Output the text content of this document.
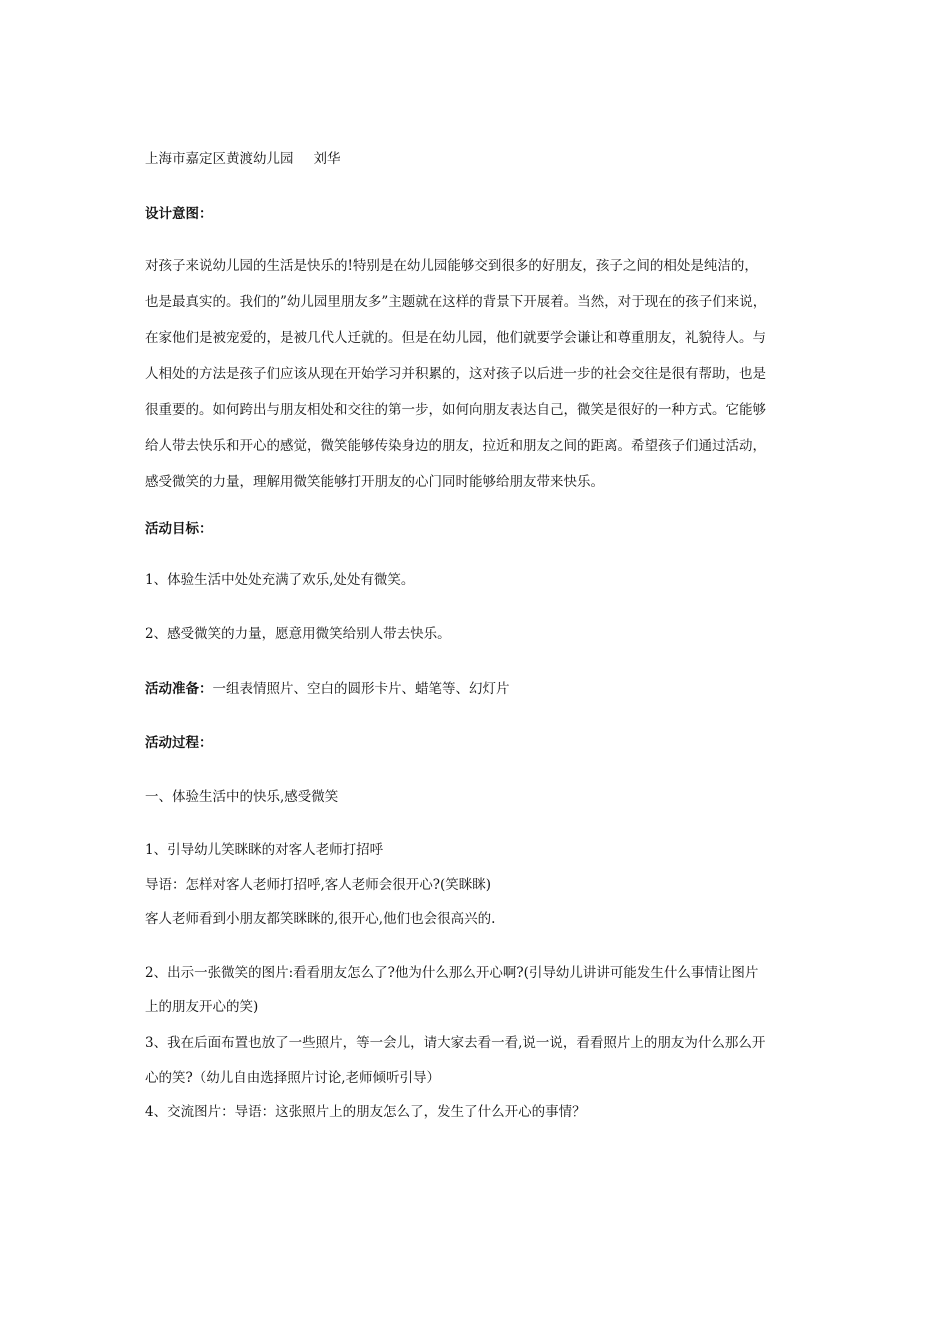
上海市嘉定区黄渡幼儿园 刘华
设计意图：
对孩子来说幼儿园的生活是快乐的!特别是在幼儿园能够交到很多的好朋友，孩子之间的相处是纯洁的，
也是最真实的。我们的”幼儿园里朋友多”主题就在这样的背景下开展着。当然，对于现在的孩子们来说，
在家他们是被宠爱的，是被几代人迁就的。但是在幼儿园，他们就要学会谦让和尊重朋友，礼貌待人。与
人相处的方法是孩子们应该从现在开始学习并积累的，这对孩子以后进一步的社会交往是很有帮助，也是
很重要的。如何跨出与朋友相处和交往的第一步，如何向朋友表达自己，微笑是很好的一种方式。它能够
给人带去快乐和开心的感觉，微笑能够传染身边的朋友，拉近和朋友之间的距离。希望孩子们通过活动，
感受微笑的力量，理解用微笑能够打开朋友的心门同时能够给朋友带来快乐。
活动目标：
1、体验生活中处处充满了欢乐,处处有微笑。
2、感受微笑的力量，愿意用微笑给别人带去快乐。
活动准备：一组表情照片、空白的圆形卡片、蜡笔等、幻灯片
活动过程：
一、体验生活中的快乐,感受微笑
1、引导幼儿笑眯眯的对客人老师打招呼
导语：怎样对客人老师打招呼,客人老师会很开心?(笑眯眯)
客人老师看到小朋友都笑眯眯的,很开心,他们也会很高兴的.
2、出示一张微笑的图片:看看朋友怎么了?他为什么那么开心啊?(引导幼儿讲讲可能发生什么事情让图片
上的朋友开心的笑)
3、我在后面布置也放了一些照片，等一会儿，请大家去看一看,说一说，看看照片上的朋友为什么那么开
心的笑?（幼儿自由选择照片讨论,老师倾听引导）
4、交流图片：导语：这张照片上的朋友怎么了，发生了什么开心的事情？
